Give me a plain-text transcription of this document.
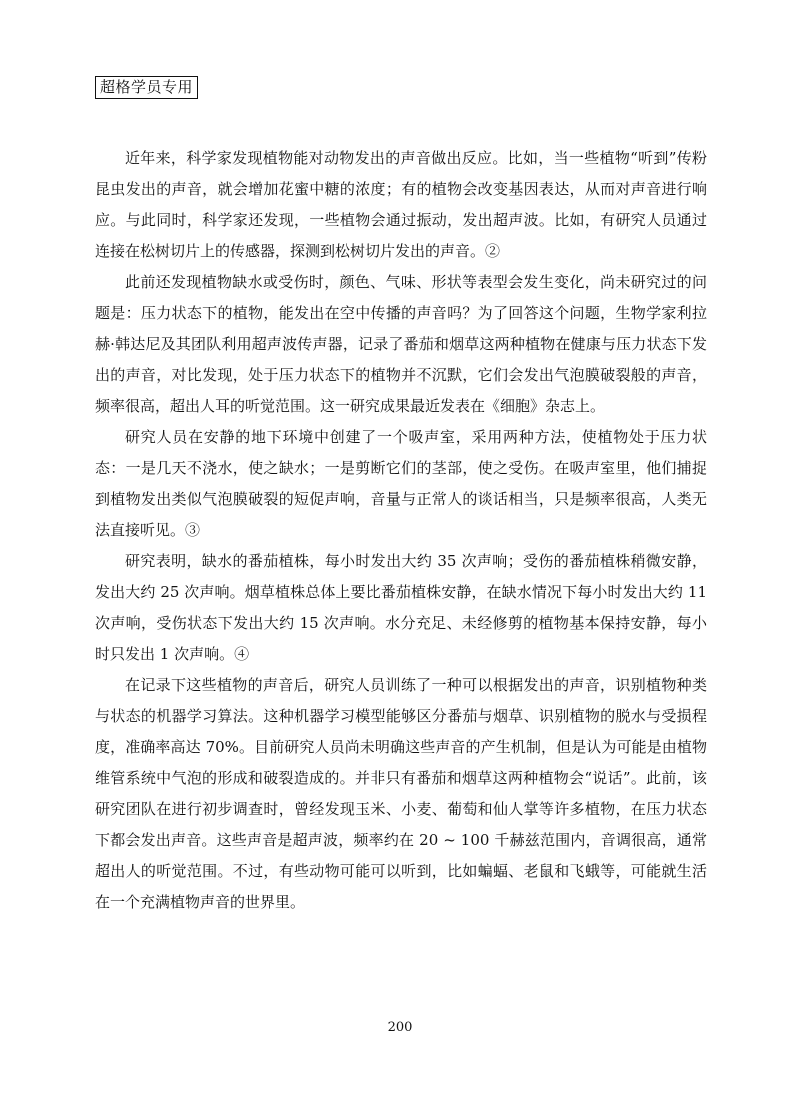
超格学员专用

近年来，科学家发现植物能对动物发出的声音做出反应。比如，当一些植物“听到”传粉昆虫发出的声音，就会增加花蜜中糖的浓度；有的植物会改变基因表达，从而对声音进行响应。与此同时，科学家还发现，一些植物会通过振动，发出超声波。比如，有研究人员通过连接在松树切片上的传感器，探测到松树切片发出的声音。②

此前还发现植物缺水或受伤时，颜色、气味、形状等表型会发生变化，尚未研究过的问题是：压力状态下的植物，能发出在空中传播的声音吗？为了回答这个问题，生物学家利拉赫·韩达尼及其团队利用超声波传声器，记录了番茄和烟草这两种植物在健康与压力状态下发出的声音，对比发现，处于压力状态下的植物并不沉默，它们会发出气泡膜破裂般的声音，频率很高，超出人耳的听觉范围。这一研究成果最近发表在《细胞》杂志上。

研究人员在安静的地下环境中创建了一个吸声室，采用两种方法，使植物处于压力状态：一是几天不浇水，使之缺水；一是剪断它们的茎部，使之受伤。在吸声室里，他们捕捉到植物发出类似气泡膜破裂的短促声响，音量与正常人的谈话相当，只是频率很高，人类无法直接听见。③

研究表明，缺水的番茄植株，每小时发出大约 35 次声响；受伤的番茄植株稍微安静，发出大约 25 次声响。烟草植株总体上要比番茄植株安静，在缺水情况下每小时发出大约 11 次声响，受伤状态下发出大约 15 次声响。水分充足、未经修剪的植物基本保持安静，每小时只发出 1 次声响。④

在记录下这些植物的声音后，研究人员训练了一种可以根据发出的声音，识别植物种类与状态的机器学习算法。这种机器学习模型能够区分番茄与烟草、识别植物的脱水与受损程度，准确率高达 70%。目前研究人员尚未明确这些声音的产生机制，但是认为可能是由植物维管系统中气泡的形成和破裂造成的。并非只有番茄和烟草这两种植物会“说话”。此前，该研究团队在进行初步调查时，曾经发现玉米、小麦、葡萄和仙人掌等许多植物，在压力状态下都会发出声音。这些声音是超声波，频率约在 20 ~ 100 千赫兹范围内，音调很高，通常超出人的听觉范围。不过，有些动物可能可以听到，比如蝙蝠、老鼠和飞蛾等，可能就生活在一个充满植物声音的世界里。

200
